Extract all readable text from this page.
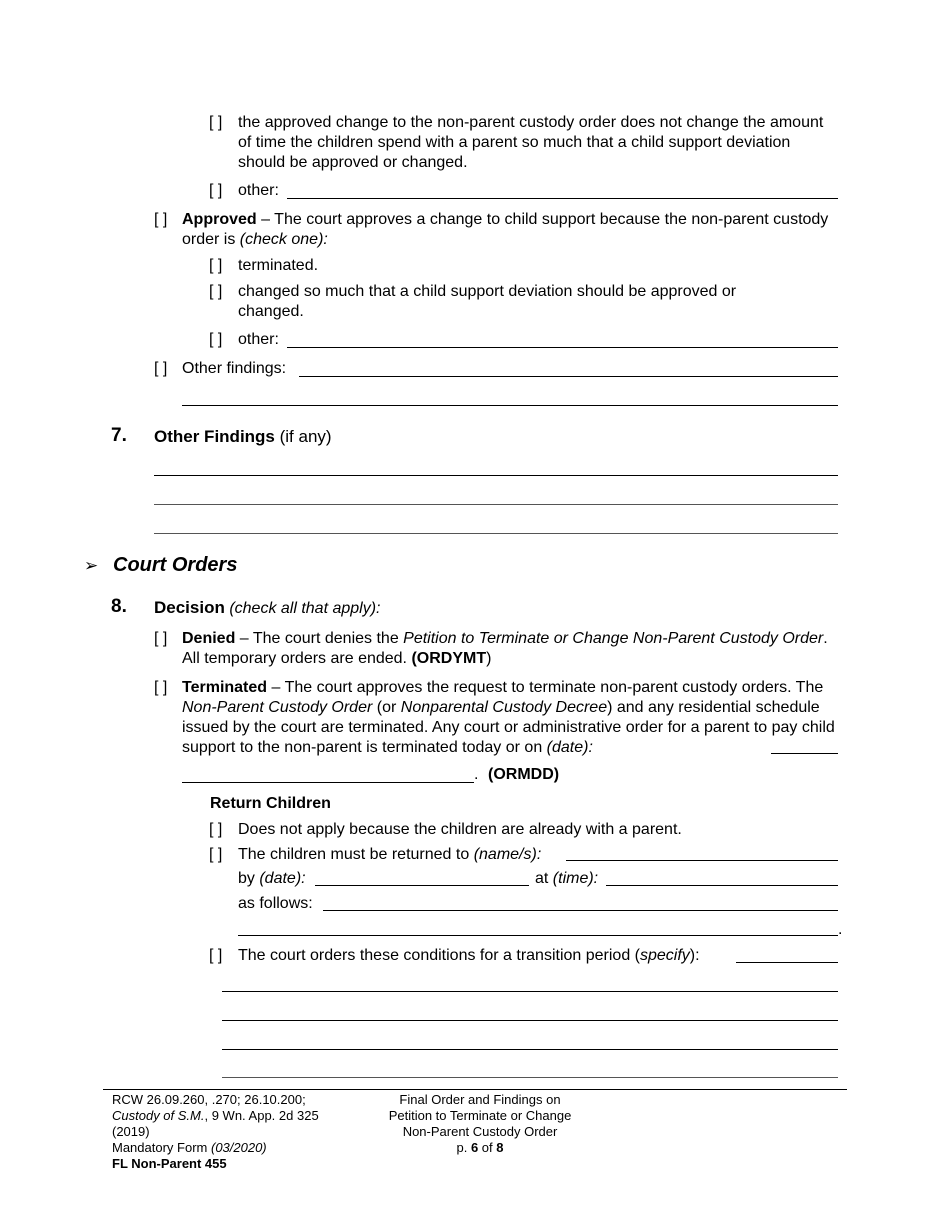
[ ] the approved change to the non-parent custody order does not change the amount of time the children spend with a parent so much that a child support deviation should be approved or changed.
[ ] other:
[ ] Approved – The court approves a change to child support because the non-parent custody order is (check one):
[ ] terminated.
[ ] changed so much that a child support deviation should be approved or changed.
[ ] other:
[ ] Other findings:
7. Other Findings (if any)
➢ Court Orders
8. Decision (check all that apply):
[ ] Denied – The court denies the Petition to Terminate or Change Non-Parent Custody Order. All temporary orders are ended. (ORDYMT)
[ ] Terminated – The court approves the request to terminate non-parent custody orders. The Non-Parent Custody Order (or Nonparental Custody Decree) and any residential schedule issued by the court are terminated. Any court or administrative order for a parent to pay child support to the non-parent is terminated today or on (date):
. (ORMDD)
Return Children
[ ] Does not apply because the children are already with a parent.
[ ] The children must be returned to (name/s):
by (date):	at (time):
as follows:
.
[ ] The court orders these conditions for a transition period (specify):
RCW 26.09.260, .270; 26.10.200;
Custody of S.M., 9 Wn. App. 2d 325
(2019)
Mandatory Form (03/2020)
FL Non-Parent 455
Final Order and Findings on
Petition to Terminate or Change
Non-Parent Custody Order
p. 6 of 8
